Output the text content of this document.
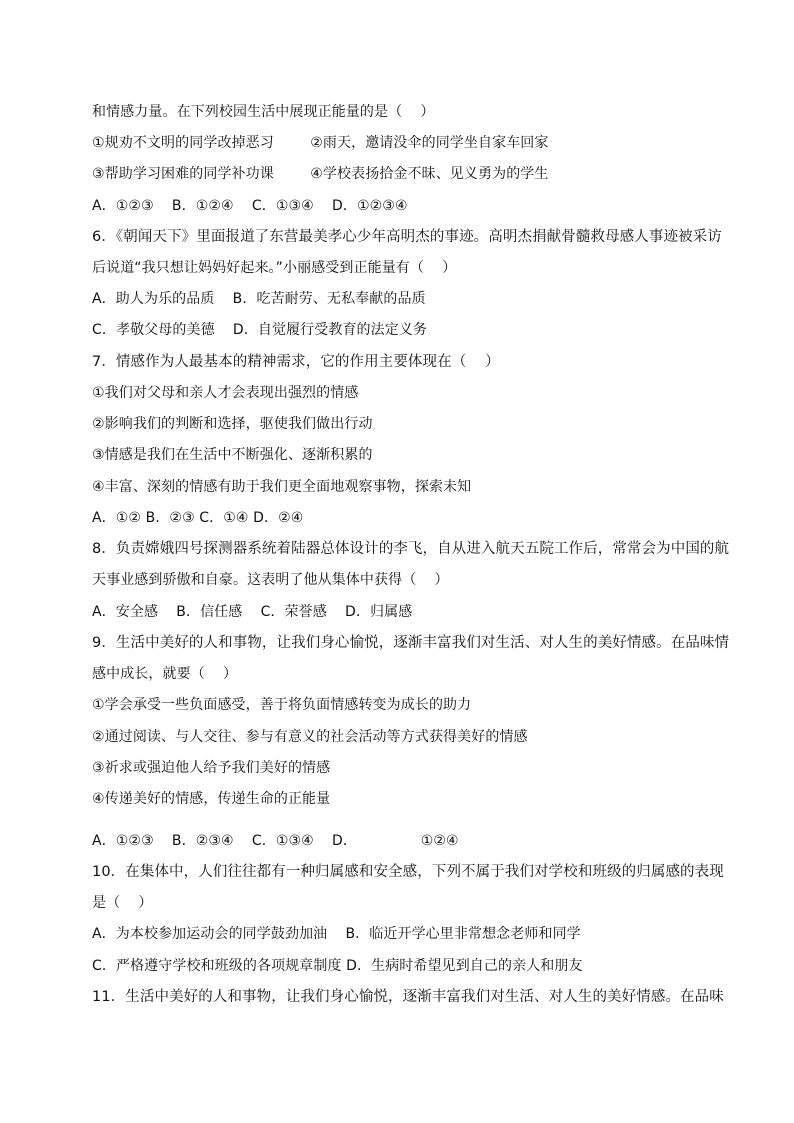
和情感力量。在下列校园生活中展现正能量的是（    ）
①规劝不文明的同学改掉恶习        ②雨天，邀请没伞的同学坐自家车回家
③帮助学习困难的同学补功课        ④学校表扬拾金不昧、见义勇为的学生
A．①②③    B．①②④    C．①③④    D．①②③④
6．《朝闻天下》里面报道了东营最美孝心少年高明杰的事迹。高明杰捐献骨髓救母感人事迹被采访
后说道“我只想让妈妈好起来。”小丽感受到正能量有（    ）
A．助人为乐的品质    B．吃苦耐劳、无私奉献的品质
C．孝敬父母的美德    D．自觉履行受教育的法定义务
7．情感作为人最基本的精神需求，它的作用主要体现在（    ）
①我们对父母和亲人才会表现出强烈的情感
②影响我们的判断和选择，驱使我们做出行动
③情感是我们在生活中不断强化、逐渐积累的
④丰富、深刻的情感有助于我们更全面地观察事物，探索未知
A．①② B．②③ C．①④ D．②④
8．负责嫦娥四号探测器系统着陆器总体设计的李飞，自从进入航天五院工作后，常常会为中国的航
天事业感到骄傲和自豪。这表明了他从集体中获得（    ）
A．安全感    B．信任感    C．荣誉感    D．归属感
9．生活中美好的人和事物，让我们身心愉悦，逐渐丰富我们对生活、对人生的美好情感。在品味情
感中成长，就要（    ）
①学会承受一些负面感受，善于将负面情感转变为成长的助力
②通过阅读、与人交往、参与有意义的社会活动等方式获得美好的情感
③祈求或强迫他人给予我们美好的情感
④传递美好的情感，传递生命的正能量
A．①②③    B．②③④    C．①③④    D．              ①②④
10．在集体中，人们往往都有一种归属感和安全感，下列不属于我们对学校和班级的归属感的表现
是（    ）
A．为本校参加运动会的同学鼓劲加油    B．临近开学心里非常想念老师和同学
C．严格遵守学校和班级的各项规章制度 D．生病时希望见到自己的亲人和朋友
11．生活中美好的人和事物，让我们身心愉悦，逐渐丰富我们对生活、对人生的美好情感。在品味
